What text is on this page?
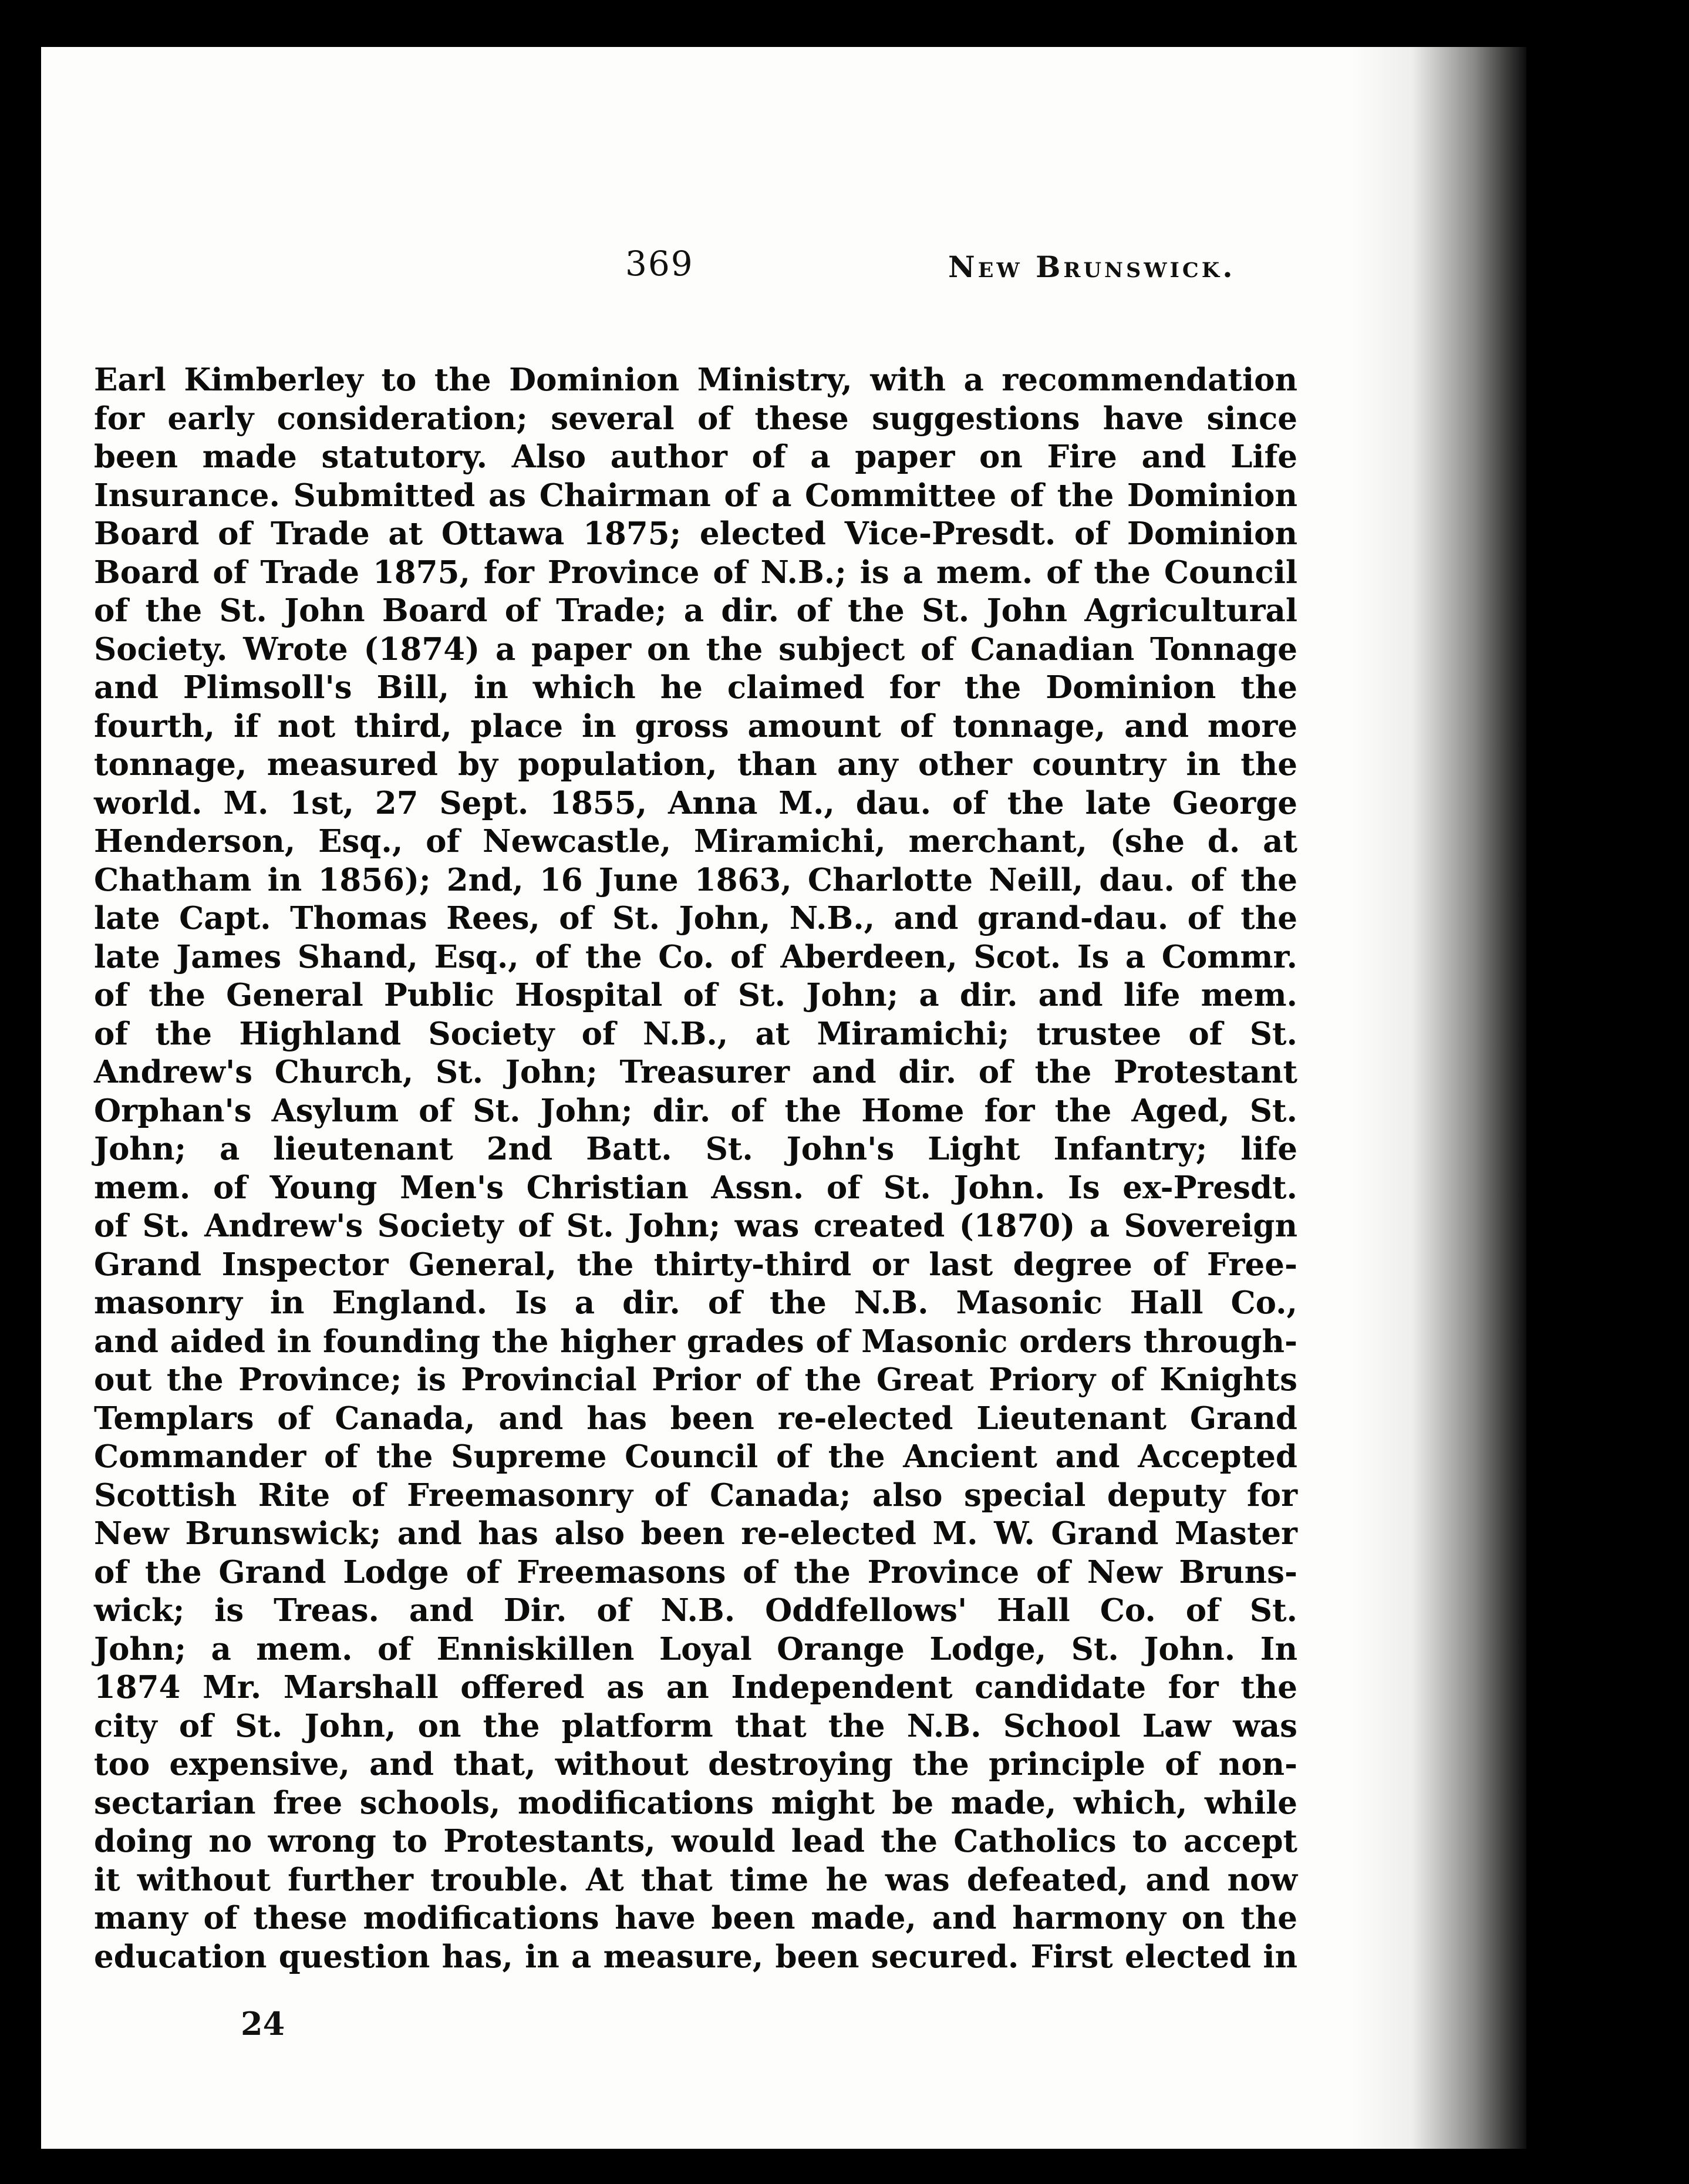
369	New Brunswick.
Earl Kimberley to the Dominion Ministry, with a recommendation
for early consideration; several of these suggestions have since
been made statutory. Also author of a paper on Fire and Life
Insurance. Submitted as Chairman of a Committee of the Dominion
Board of Trade at Ottawa 1875; elected Vice-Presdt. of Dominion
Board of Trade 1875, for Province of N.B.; is a mem. of the Council
of the St. John Board of Trade; a dir. of the St. John Agricultural
Society. Wrote (1874) a paper on the subject of Canadian Tonnage
and Plimsoll's Bill, in which he claimed for the Dominion the
fourth, if not third, place in gross amount of tonnage, and more
tonnage, measured by population, than any other country in the
world. M. 1st, 27 Sept. 1855, Anna M., dau. of the late George
Henderson, Esq., of Newcastle, Miramichi, merchant, (she d. at
Chatham in 1856); 2nd, 16 June 1863, Charlotte Neill, dau. of the
late Capt. Thomas Rees, of St. John, N.B., and grand-dau. of the
late James Shand, Esq., of the Co. of Aberdeen, Scot. Is a Commr.
of the General Public Hospital of St. John; a dir. and life mem.
of the Highland Society of N.B., at Miramichi; trustee of St.
Andrew's Church, St. John; Treasurer and dir. of the Protestant
Orphan's Asylum of St. John; dir. of the Home for the Aged, St.
John; a lieutenant 2nd Batt. St. John's Light Infantry; life
mem. of Young Men's Christian Assn. of St. John. Is ex-Presdt.
of St. Andrew's Society of St. John; was created (1870) a Sovereign
Grand Inspector General, the thirty-third or last degree of Free-
masonry in England. Is a dir. of the N.B. Masonic Hall Co.,
and aided in founding the higher grades of Masonic orders through-
out the Province; is Provincial Prior of the Great Priory of Knights
Templars of Canada, and has been re-elected Lieutenant Grand
Commander of the Supreme Council of the Ancient and Accepted
Scottish Rite of Freemasonry of Canada; also special deputy for
New Brunswick; and has also been re-elected M. W. Grand Master
of the Grand Lodge of Freemasons of the Province of New Bruns-
wick; is Treas. and Dir. of N.B. Oddfellows' Hall Co. of St.
John; a mem. of Enniskillen Loyal Orange Lodge, St. John. In
1874 Mr. Marshall offered as an Independent candidate for the
city of St. John, on the platform that the N.B. School Law was
too expensive, and that, without destroying the principle of non-
sectarian free schools, modifications might be made, which, while
doing no wrong to Protestants, would lead the Catholics to accept
it without further trouble. At that time he was defeated, and now
many of these modifications have been made, and harmony on the
education question has, in a measure, been secured. First elected in
24
